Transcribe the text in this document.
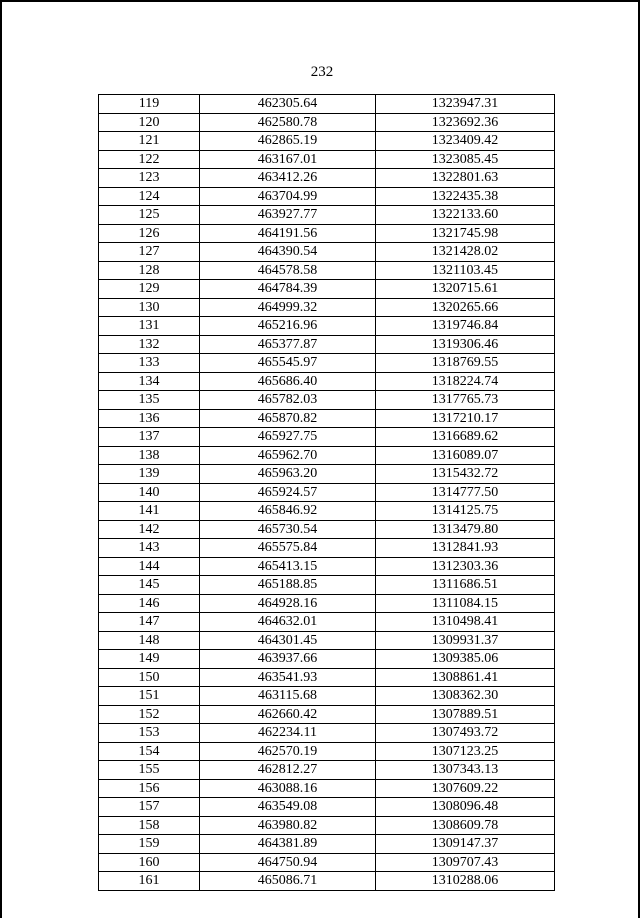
232
119	462305.64	1323947.31
120	462580.78	1323692.36
121	462865.19	1323409.42
122	463167.01	1323085.45
123	463412.26	1322801.63
124	463704.99	1322435.38
125	463927.77	1322133.60
126	464191.56	1321745.98
127	464390.54	1321428.02
128	464578.58	1321103.45
129	464784.39	1320715.61
130	464999.32	1320265.66
131	465216.96	1319746.84
132	465377.87	1319306.46
133	465545.97	1318769.55
134	465686.40	1318224.74
135	465782.03	1317765.73
136	465870.82	1317210.17
137	465927.75	1316689.62
138	465962.70	1316089.07
139	465963.20	1315432.72
140	465924.57	1314777.50
141	465846.92	1314125.75
142	465730.54	1313479.80
143	465575.84	1312841.93
144	465413.15	1312303.36
145	465188.85	1311686.51
146	464928.16	1311084.15
147	464632.01	1310498.41
148	464301.45	1309931.37
149	463937.66	1309385.06
150	463541.93	1308861.41
151	463115.68	1308362.30
152	462660.42	1307889.51
153	462234.11	1307493.72
154	462570.19	1307123.25
155	462812.27	1307343.13
156	463088.16	1307609.22
157	463549.08	1308096.48
158	463980.82	1308609.78
159	464381.89	1309147.37
160	464750.94	1309707.43
161	465086.71	1310288.06
